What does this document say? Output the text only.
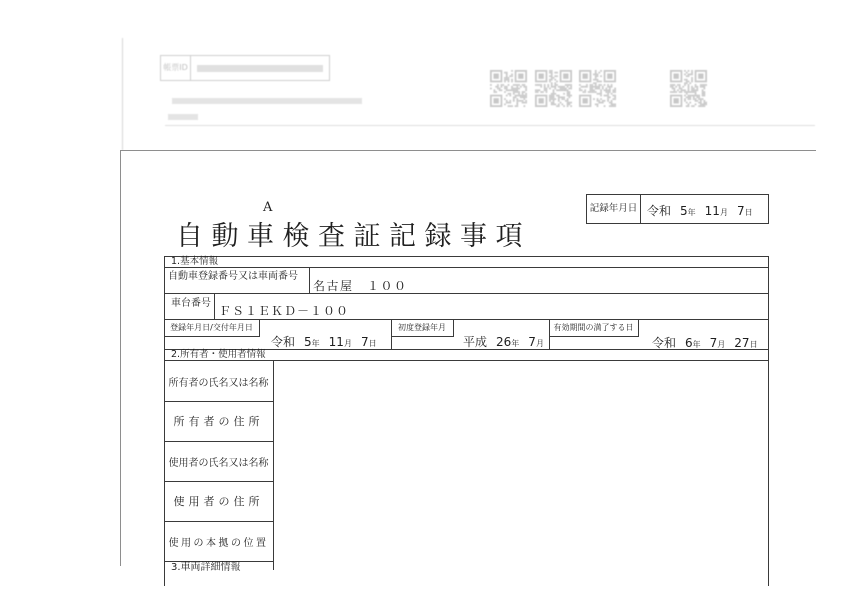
帳票ID
A
自動車検査証記録事項
記録年月日 令和 5年 11月 7日
1.基本情報
自動車登録番号又は車両番号
名古屋　１００
車台番号
ＦＳ１ＥＫＤ－１００
登録年月日/交付年月日
令和 5年 11月 7日
初度登録年月
平成 26年 7月
有効期間の満了する日
令和 6年 7月 27日
2.所有者・使用者情報
所有者の氏名又は名称
所有者の住所
使用者の氏名又は名称
使用者の住所
使用の本拠の位置
3.車両詳細情報
